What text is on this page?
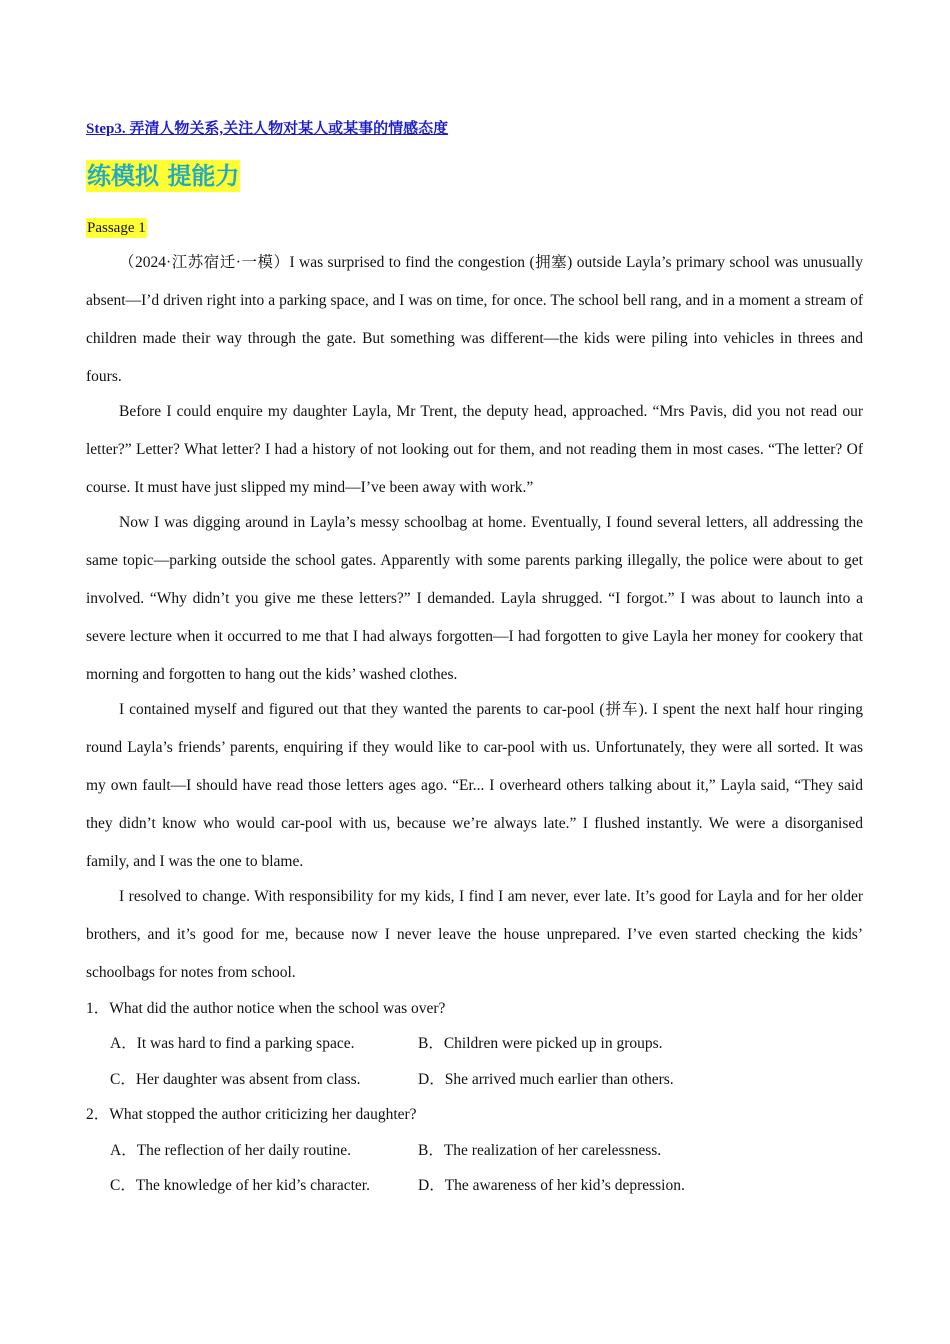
Step3. 弄清人物关系,关注人物对某人或某事的情感态度
练模拟 提能力
Passage 1

（2024·江苏宿迁·一模）I was surprised to find the congestion (拥塞) outside Layla’s primary school was unusually absent—I’d driven right into a parking space, and I was on time, for once. The school bell rang, and in a moment a stream of children made their way through the gate. But something was different—the kids were piling into vehicles in threes and fours.

Before I could enquire my daughter Layla, Mr Trent, the deputy head, approached. “Mrs Pavis, did you not read our letter?” Letter? What letter? I had a history of not looking out for them, and not reading them in most cases. “The letter? Of course. It must have just slipped my mind—I’ve been away with work.”

Now I was digging around in Layla’s messy schoolbag at home. Eventually, I found several letters, all addressing the same topic—parking outside the school gates. Apparently with some parents parking illegally, the police were about to get involved. “Why didn’t you give me these letters?” I demanded. Layla shrugged. “I forgot.” I was about to launch into a severe lecture when it occurred to me that I had always forgotten—I had forgotten to give Layla her money for cookery that morning and forgotten to hang out the kids’ washed clothes.

I contained myself and figured out that they wanted the parents to car-pool (拼车). I spent the next half hour ringing round Layla’s friends’ parents, enquiring if they would like to car-pool with us. Unfortunately, they were all sorted. It was my own fault—I should have read those letters ages ago. “Er... I overheard others talking about it,” Layla said, “They said they didn’t know who would car-pool with us, because we’re always late.” I flushed instantly. We were a disorganised family, and I was the one to blame.

I resolved to change. With responsibility for my kids, I find I am never, ever late. It’s good for Layla and for her older brothers, and it’s good for me, because now I never leave the house unprepared. I’ve even started checking the kids’ schoolbags for notes from school.

1．What did the author notice when the school was over?
A．It was hard to find a parking space.	B．Children were picked up in groups.
C．Her daughter was absent from class.	D．She arrived much earlier than others.
2．What stopped the author criticizing her daughter?
A．The reflection of her daily routine.	B．The realization of her carelessness.
C．The knowledge of her kid’s character.	D．The awareness of her kid’s depression.
